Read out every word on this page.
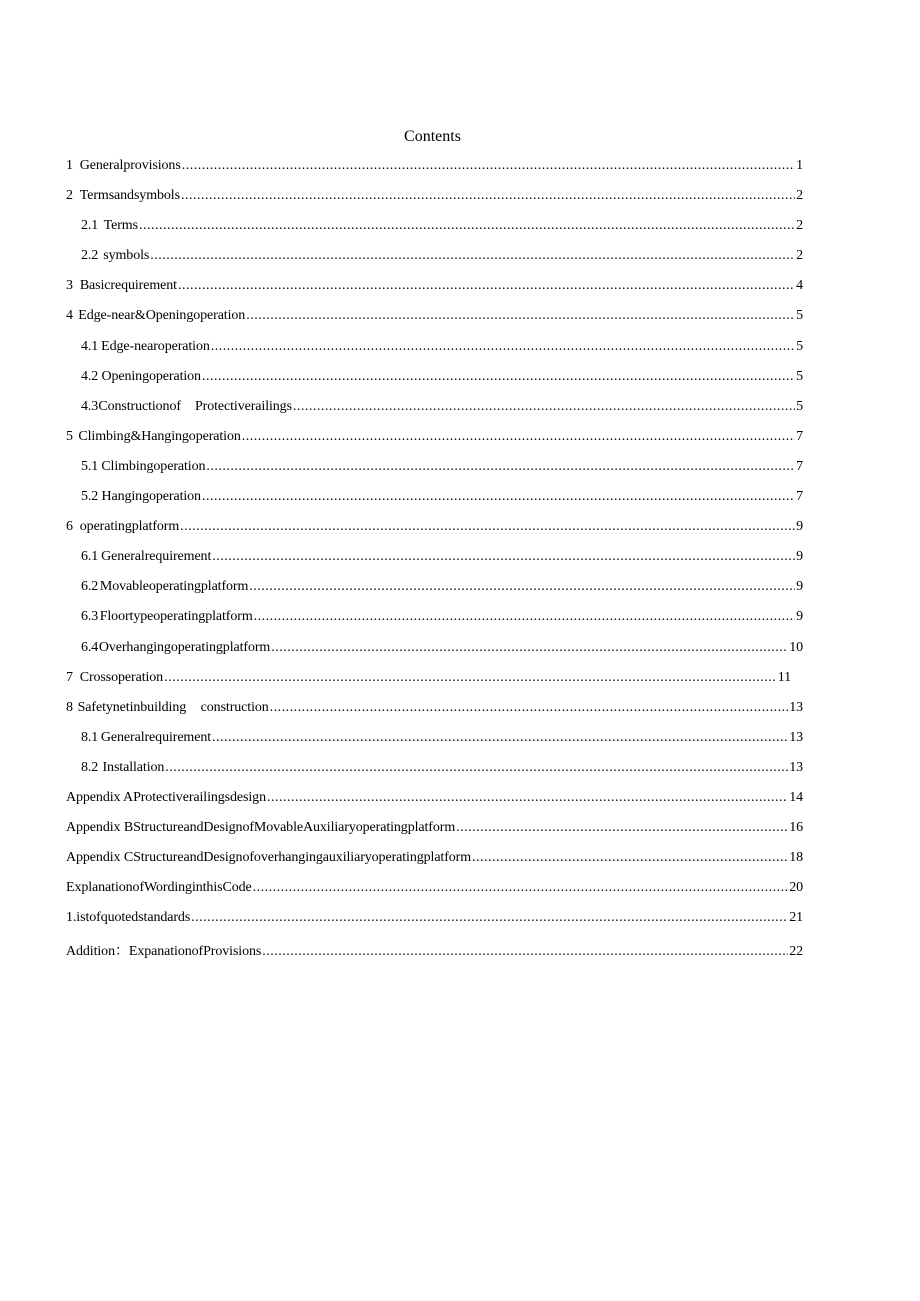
Contents
1 Generalprovisions .....	1
2 Termsandsymbols .....	2
2.1 Terms .....	2
2.2 symbols .....	2
3 Basicrequirement .....	4
4 Edge-near&Openingoperation .....	5
4.1 Edge-nearoperation .....	5
4.2 Openingoperation .....	5
4.3 Constructionof Protectiverailings .....	5
5 Climbing&Hangingoperation .....	7
5.1 Climbingoperation .....	7
5.2 Hangingoperation .....	7
6 operatingplatform .....	9
6.1 Generalrequirement .....	9
6.2 Movableoperatingplatform .....	9
6.3 Floortypeoperatingplatform .....	9
6.4 Overhangingoperatingplatform .....	10
7 Crossoperation .....	11
8 Safetynetinbuilding construction .....	13
8.1 Generalrequirement .....	13
8.2 Installation .....	13
Appendix A Protectiverailingsdesign .....	14
Appendix B StructureandDesignofMovableAuxiliaryoperatingplatform .....	16
Appendix C StructureandDesignofoverhangingauxiliaryoperatingplatform .....	18
ExplanationofWordinginthisCode .....	20
1.istofquotedstandards .....	21
Addition：ExpanationofProvisions .....	22
